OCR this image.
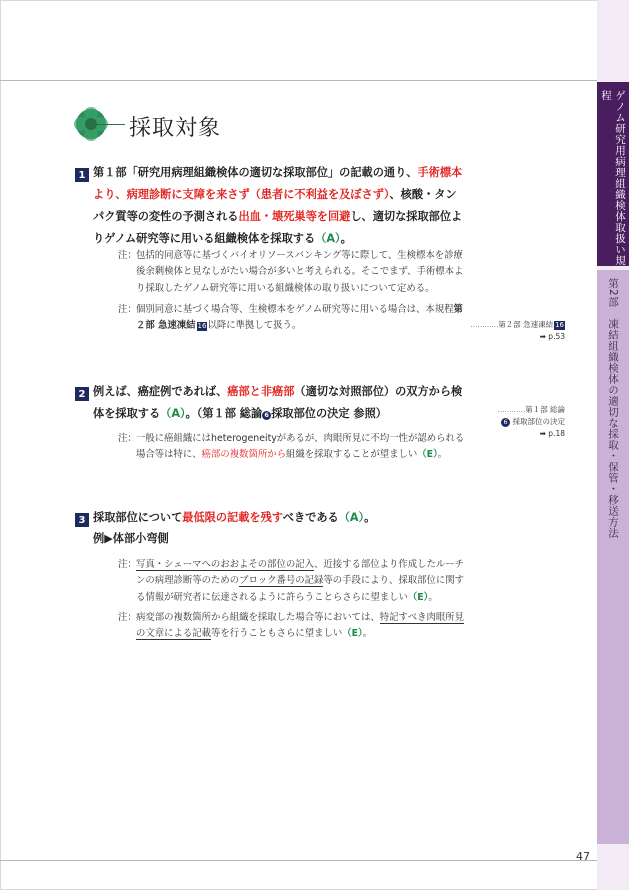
ゲノム研究用病理組織検体取扱い規程
第2部　凍結組織検体の適切な採取・保管・移送方法
採取対象
1 第１部「研究用病理組織検体の適切な採取部位」の記載の通り、手術標本より、病理診断に支障を来さず（患者に不利益を及ぼさず）、核酸・タンパク質等の変性の予測される出血・壊死巣等を回避し、適切な採取部位よりゲノム研究等に用いる組織検体を採取する（A）。
注： 包括的同意等に基づくバイオリソースバンキング等に際して、生検標本を診療後余剰検体と見なしがたい場合が多いと考えられる。そこでまず、手術標本より採取したゲノム研究等に用いる組織検体の取り扱いについて定める。
注： 個別同意に基づく場合等、生検標本をゲノム研究等に用いる場合は、本規程第２部 急速凍結 16以降に準拠して扱う。	…………第２部 急速凍結 16
➡ p.53
2 例えば、癌症例であれば、癌部と非癌部（適切な対照部位）の双方から検体を採取する（A）。（第１部 総論 6 採取部位の決定 参照）
注： 一般に癌組織にはheterogeneityがあるが、肉眼所見に不均一性が認められる場合等は特に、癌部の複数箇所から組織を採取することが望ましい（E）。
…………第１部 総論
6 採取部位の決定
➡ p.18
3 採取部位について最低限の記載を残すべきである（A）。
例▶体部小弯側
注： 写真・シェーマへのおおよその部位の記入、近接する部位より作成したルーチンの病理診断等のためのブロック番号の記録等の手段により、採取部位に関する情報が研究者に伝達されるように許らうことらさらに望ましい（E）。
注： 病変部の複数箇所から組織を採取した場合等においては、特記すべき肉眼所見の文章による記載等を行うこともさらに望ましい（E）。
47
